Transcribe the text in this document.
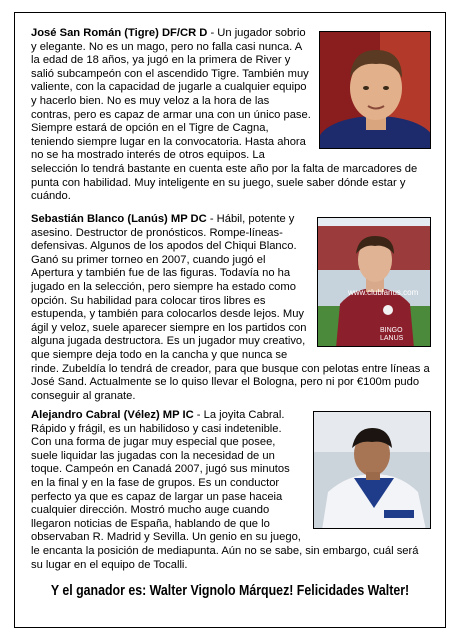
José San Román (Tigre) DF/CR D - Un jugador sobrio y elegante. No es un mago, pero no falla casi nunca. A la edad de 18 años, ya jugó en la primera de River y salió subcampeón con el ascendido Tigre. También muy valiente, con la capacidad de jugarle a cualquier equipo y hacerlo bien. No es muy veloz a la hora de las contras, pero es capaz de armar una con un único pase. Siempre estará de opción en el Tigre de Cagna, teniendo siempre lugar en la convocatoria. Hasta ahora no se ha mostrado interés de otros equipos. La selección lo tendrá bastante en cuenta este año por la falta de marcadores de punta con habilidad. Muy inteligente en su juego, suele saber dónde estar y cuándo.
BINGO
LANUS
www.clublanus.com
Sebastián Blanco (Lanús) MP DC - Hábil, potente y asesino. Destructor de pronósticos. Rompe-líneas-defensivas. Algunos de los apodos del Chiqui Blanco. Ganó su primer torneo en 2007, cuando jugó el Apertura y también fue de las figuras. Todavía no ha jugado en la selección, pero siempre ha estado como opción. Su habilidad para colocar tiros libres es estupenda, y también para colocarlos desde lejos. Muy ágil y veloz, suele aparecer siempre en los partidos con alguna jugada destructora. Es un jugador muy creativo, que siempre deja todo en la cancha y que nunca se rinde. Zubeldía lo tendrá de creador, para que busque con pelotas entre líneas a José Sand. Actualmente se lo quiso llevar el Bologna, pero ni por €100m pudo conseguir al granate.
Alejandro Cabral (Vélez) MP IC - La joyita Cabral. Rápido y frágil, es un habilidoso y casi indetenible. Con una forma de jugar muy especial que posee, suele liquidar las jugadas con la necesidad de un toque. Campeón en Canadá 2007, jugó sus minutos en la final y en la fase de grupos. Es un conductor perfecto ya que es capaz de largar un pase haceia cualquier dirección. Mostró mucho auge cuando llegaron noticias de España, hablando de que lo observaban R. Madrid y Sevilla. Un genio en su juego, le encanta la posición de mediapunta. Aún no se sabe, sin embargo, cuál será su lugar en el equipo de Tocalli.
Y el ganador es: Walter Vignolo Márquez! Felicidades Walter!
